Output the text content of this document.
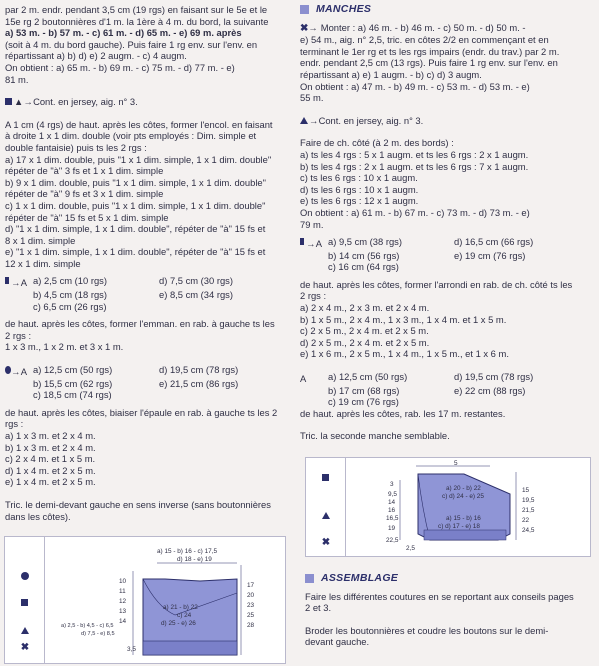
par 2 m. endr. pendant 3,5 cm (19 rgs) en faisant sur le 5e et le

15e rg 2 boutonnières d'1 m. la 1ère à 4 m. du bord, la suivante

a) 53 m. - b) 57 m. - c) 61 m. - d) 65 m. - e) 69 m. après

(soit à 4 m. du bord gauche). Puis faire 1 rg env. sur l'env. en

répartissant a) b) d) e) 2 augm. - c) 4 augm.

On obtient : a) 65 m. - b) 69 m. - c) 75 m. - d) 77 m. - e)

81 m.

▲→Cont. en jersey, aig. n° 3.

A 1 cm (4 rgs) de haut. après les côtes, former l'encol. en faisant

à droite 1 x 1 dim. double (voir pts employés : Dim. simple et

double fantaisie) puis ts les 2 rgs :

a) 17 x 1 dim. double, puis "1 x 1 dim. simple, 1 x 1 dim. double"

répéter de "à" 3 fs et 1 x 1 dim. simple

b) 9 x 1 dim. double, puis "1 x 1 dim. simple, 1 x 1 dim. double"

répéter de "à" 9 fs et 3 x 1 dim. simple

c) 1 x 1 dim. double, puis "1 x 1 dim. simple, 1 x 1 dim. double"

répéter de "à" 15 fs et 5 x 1 dim. simple

d) "1 x 1 dim. simple, 1 x 1 dim. double", répéter de "à" 15 fs et

8 x 1 dim. simple

e) "1 x 1 dim. simple, 1 x 1 dim. double", répéter de "à" 15 fs et

12 x 1 dim. simple

→ A a) 2,5 cm (10 rgs)	d) 7,5 cm (30 rgs)
b) 4,5 cm (18 rgs)	e) 8,5 cm (34 rgs)
c) 6,5 cm (26 rgs)

de haut. après les côtes, former l'emman. en rab. à gauche ts les

2 rgs :

1 x 3 m., 1 x 2 m. et 3 x 1 m.

→ A a) 12,5 cm (50 rgs)	d) 19,5 cm (78 rgs)
b) 15,5 cm (62 rgs)	e) 21,5 cm (86 rgs)
c) 18,5 cm (74 rgs)

de haut. après les côtes, biaiser l'épaule en rab. à gauche ts les 2

rgs :

a) 1 x 3 m. et 2 x 4 m.

b) 1 x 3 m. et 2 x 4 m.

c) 2 x 4 m. et 1 x 5 m.

d) 1 x 4 m. et 2 x 5 m.

e) 1 x 4 m. et 2 x 5 m.

Tric. le demi-devant gauche en sens inverse (sans boutonnières

dans les côtes).

✖
a) 15 - b) 16 - c) 17,5
d) 18 - e) 19
10
11
12
13
14
17
20
23
25
28
a) 21 - b) 22
c) 24
d) 25 - e) 26
a) 2,5 - b) 4,5 - c) 6,5
d) 7,5 - e) 8,5
3,5
MANCHES

✖→ Monter : a) 46 m. - b) 46 m. - c) 50 m. - d) 50 m. -

e) 54 m., aig. n° 2,5, tric. en côtes 2/2 en commençant et en

terminant le 1er rg et ts les rgs impairs (endr. du trav.) par 2 m.

endr. pendant 2,5 cm (13 rgs). Puis faire 1 rg env. sur l'env. en

répartissant a) e) 1 augm. - b) c) d) 3 augm.

On obtient : a) 47 m. - b) 49 m. - c) 53 m. - d) 53 m. - e)

55 m.

→Cont. en jersey, aig. n° 3.

Faire de ch. côté (à 2 m. des bords) :

a) ts les 4 rgs : 5 x 1 augm. et ts les 6 rgs : 2 x 1 augm.

b) ts les 4 rgs : 2 x 1 augm. et ts les 6 rgs : 7 x 1 augm.

c) ts les 6 rgs : 10 x 1 augm.

d) ts les 6 rgs : 10 x 1 augm.

e) ts les 6 rgs : 12 x 1 augm.

On obtient : a) 61 m. - b) 67 m. - c) 73 m. - d) 73 m. - e)

79 m.

→ A a) 9,5 cm (38 rgs)	d) 16,5 cm (66 rgs)
b) 14 cm (56 rgs)	e) 19 cm (76 rgs)
c) 16 cm (64 rgs)

de haut. après les côtes, former l'arrondi en rab. de ch. côté ts les

2 rgs :

a) 2 x 4 m., 2 x 3 m. et 2 x 4 m.

b) 1 x 5 m., 2 x 4 m., 1 x 3 m., 1 x 4 m. et 1 x 5 m.

c) 2 x 5 m., 2 x 4 m. et 2 x 5 m.

d) 2 x 5 m., 2 x 4 m. et 2 x 5 m.

e) 1 x 6 m., 2 x 5 m., 1 x 4 m., 1 x 5 m., et 1 x 6 m.

A a) 12,5 cm (50 rgs)	d) 19,5 cm (78 rgs)
b) 17 cm (68 rgs)	e) 22 cm (88 rgs)
c) 19 cm (76 rgs)

de haut. après les côtes, rab. les 17 m. restantes.

Tric. la seconde manche semblable.

✖
5
a) 20 - b) 22
c) d) 24 - e) 25
3
9,5
14
16
16,5
19
22,5
15
19,5
21,5
22
24,5
a) 15 - b) 16
c) d) 17 - e) 18
2,5
ASSEMBLAGE

Faire les différentes coutures en se reportant aux conseils pages

2 et 3.

Broder les boutonnières et coudre les boutons sur le demi-

devant gauche.
